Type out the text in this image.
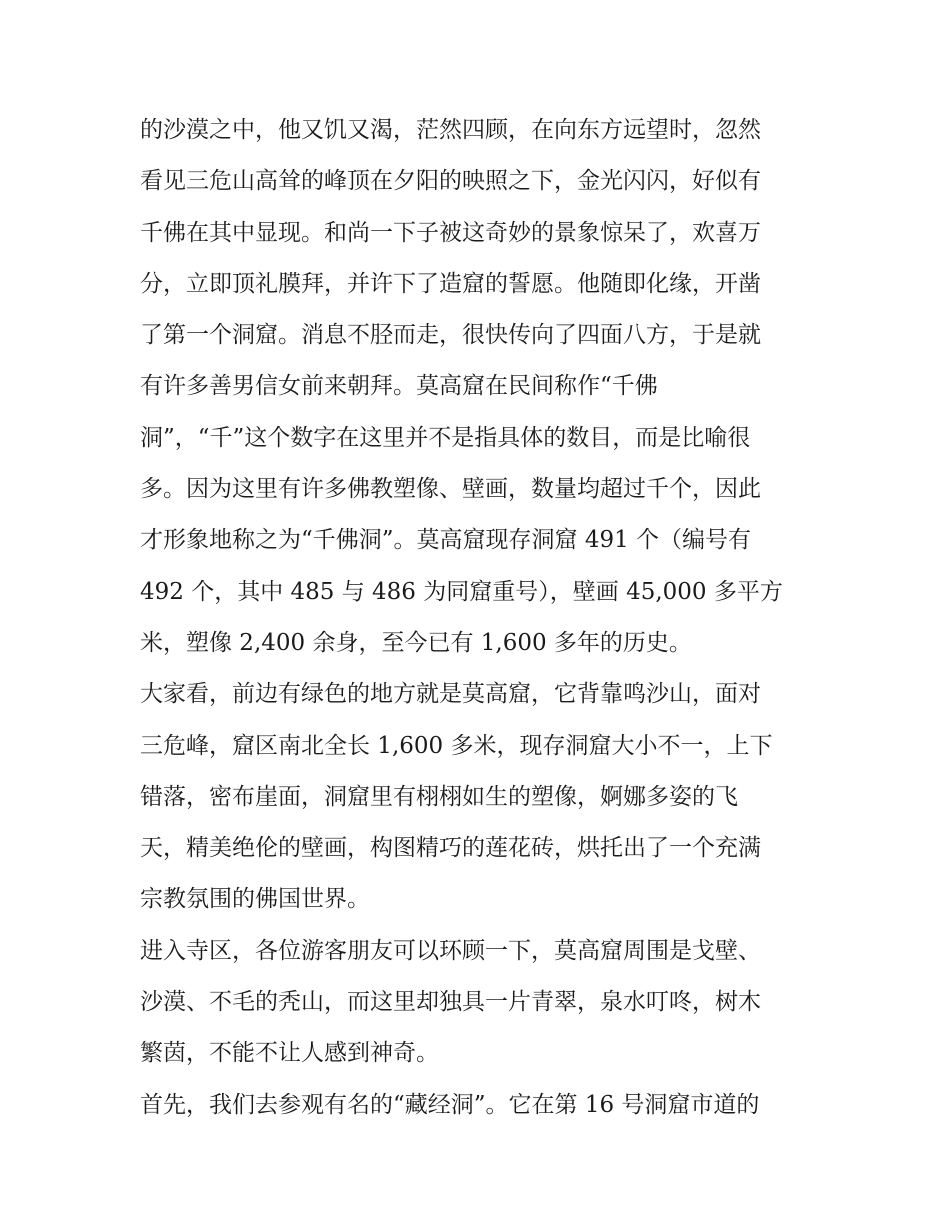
的沙漠之中，他又饥又渴，茫然四顾，在向东方远望时，忽然
看见三危山高耸的峰顶在夕阳的映照之下，金光闪闪，好似有
千佛在其中显现。和尚一下子被这奇妙的景象惊呆了，欢喜万
分，立即顶礼膜拜，并许下了造窟的誓愿。他随即化缘，开凿
了第一个洞窟。消息不胫而走，很快传向了四面八方，于是就
有许多善男信女前来朝拜。莫高窟在民间称作“千佛
洞”，“千”这个数字在这里并不是指具体的数目，而是比喻很
多。因为这里有许多佛教塑像、壁画，数量均超过千个，因此
才形象地称之为“千佛洞”。莫高窟现存洞窟 491 个（编号有
492 个，其中 485 与 486 为同窟重号），壁画 45,000 多平方
米，塑像 2,400 余身，至今已有 1,600 多年的历史。
大家看，前边有绿色的地方就是莫高窟，它背靠鸣沙山，面对
三危峰，窟区南北全长 1,600 多米，现存洞窟大小不一，上下
错落，密布崖面，洞窟里有栩栩如生的塑像，婀娜多姿的飞
天，精美绝伦的壁画，构图精巧的莲花砖，烘托出了一个充满
宗教氛围的佛国世界。
进入寺区，各位游客朋友可以环顾一下，莫高窟周围是戈壁、
沙漠、不毛的秃山，而这里却独具一片青翠，泉水叮咚，树木
繁茵，不能不让人感到神奇。
首先，我们去参观有名的“藏经洞”。它在第 16 号洞窟市道的
